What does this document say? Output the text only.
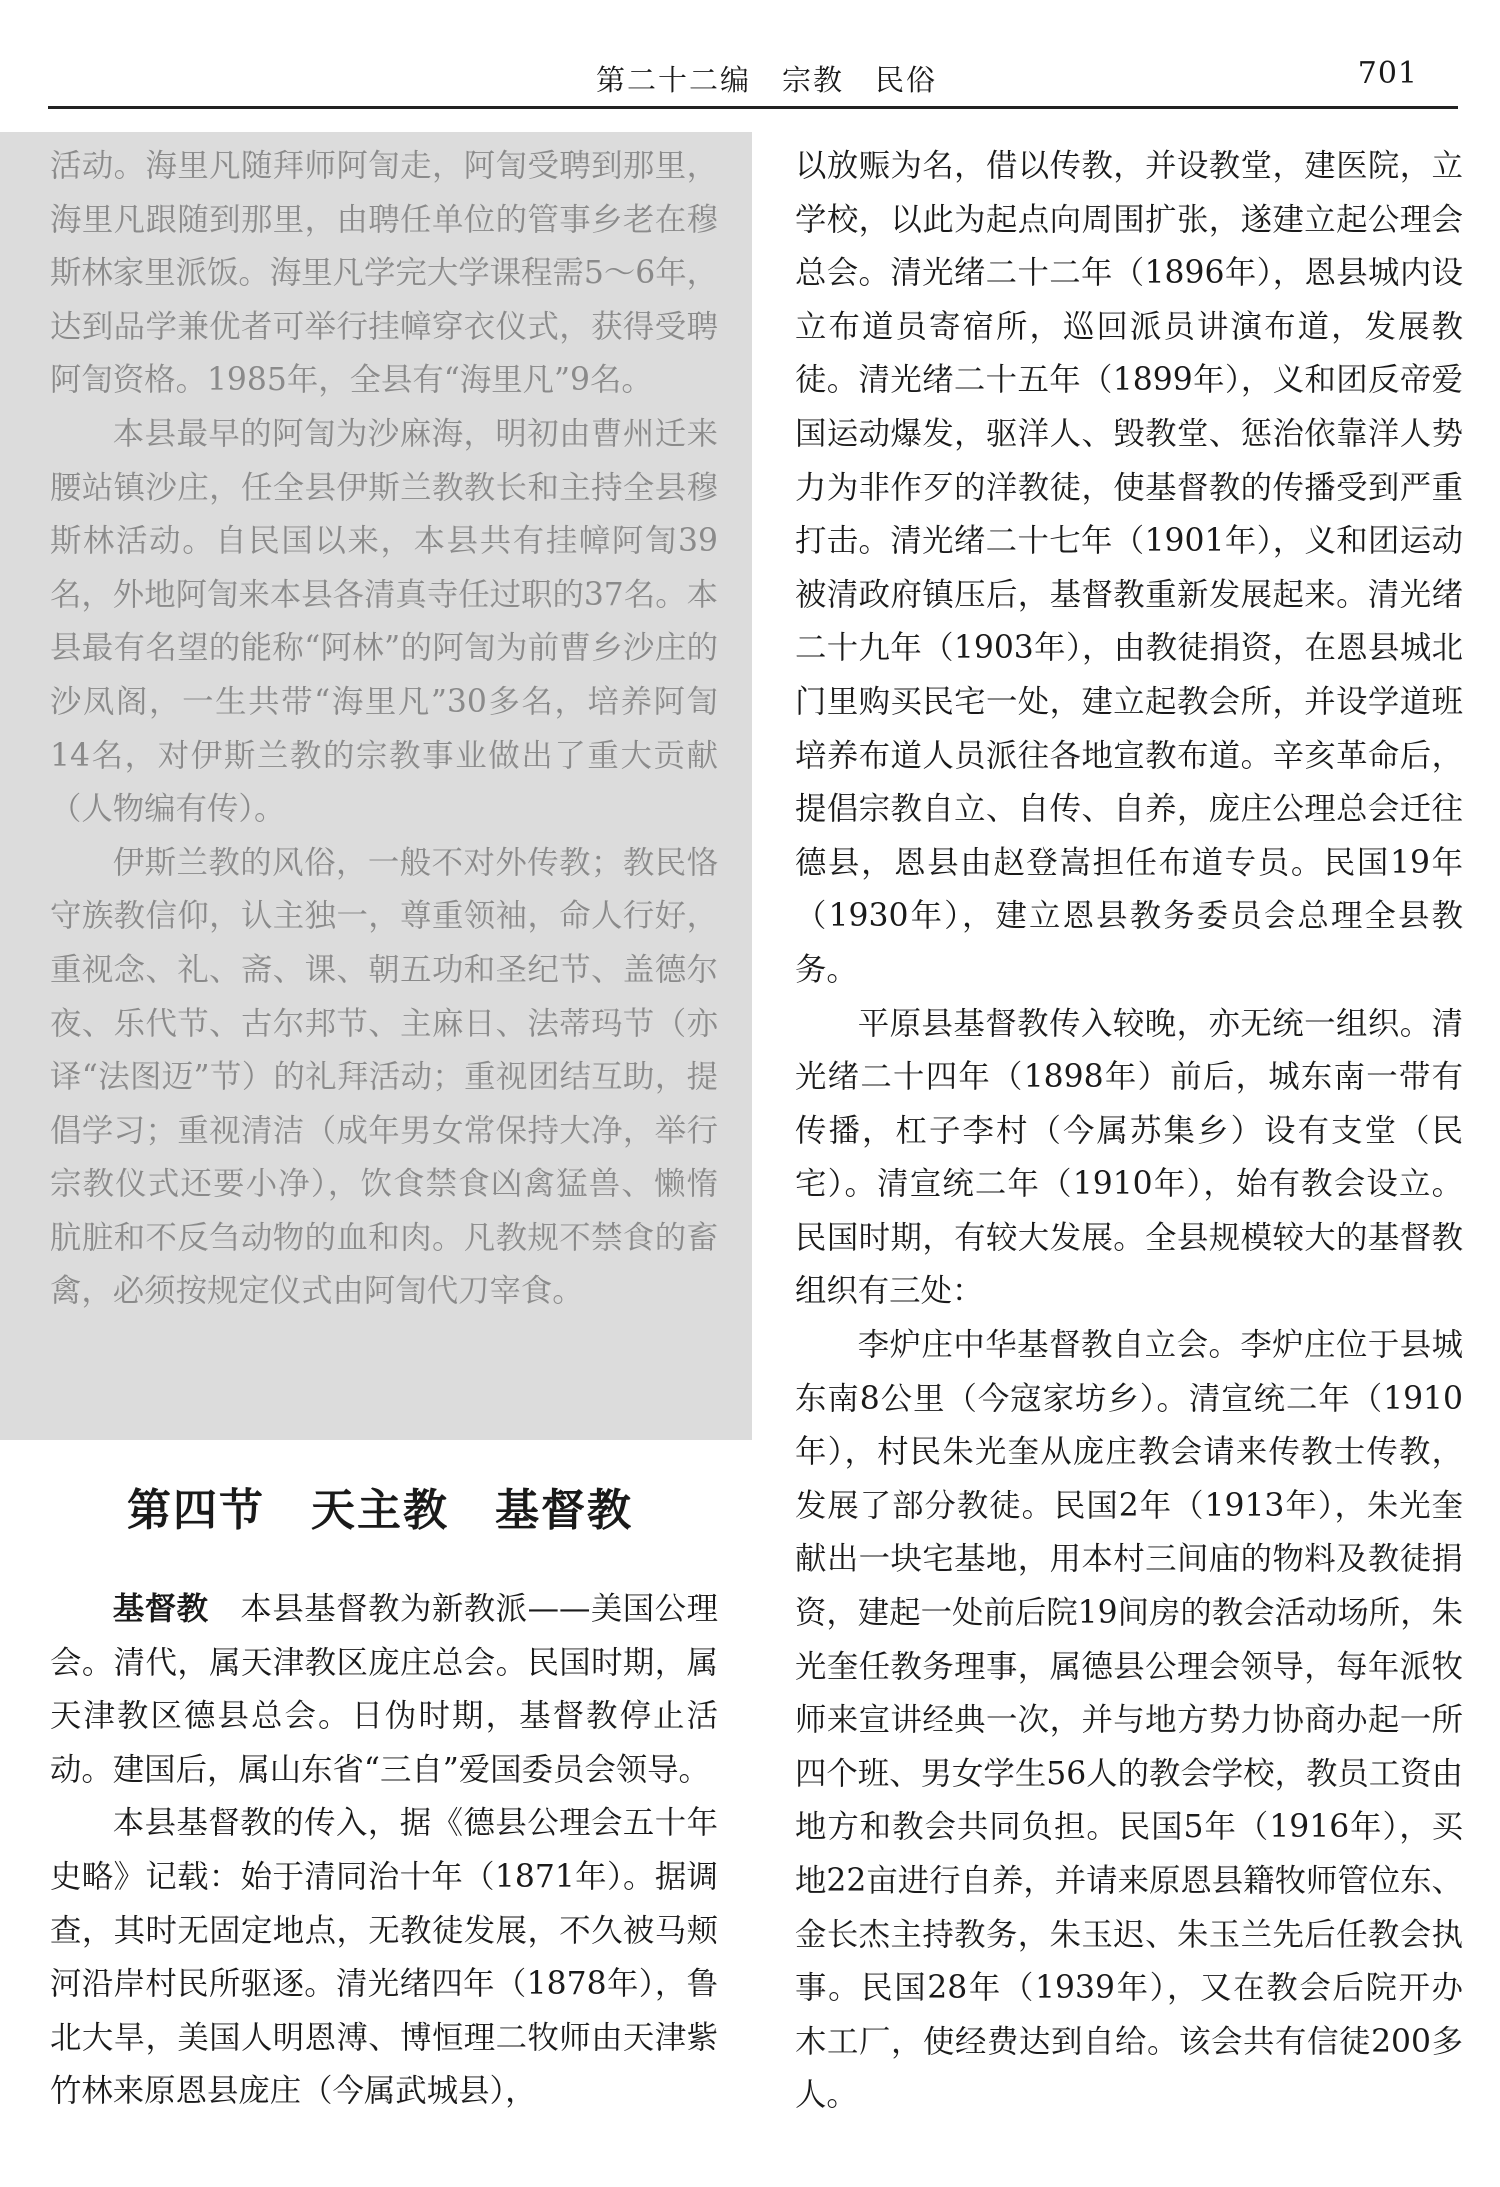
第二十二编　宗教　民俗	701

活动。海里凡随拜师阿訇走，阿訇受聘到那里，海里凡跟随到那里，由聘任单位的管事乡老在穆斯林家里派饭。海里凡学完大学课程需5～6年，达到品学兼优者可举行挂幛穿衣仪式，获得受聘阿訇资格。1985年，全县有“海里凡”9名。

本县最早的阿訇为沙麻海，明初由曹州迁来腰站镇沙庄，任全县伊斯兰教教长和主持全县穆斯林活动。自民国以来，本县共有挂幛阿訇39名，外地阿訇来本县各清真寺任过职的37名。本县最有名望的能称“阿林”的阿訇为前曹乡沙庄的沙凤阁，一生共带“海里凡”30多名，培养阿訇14名，对伊斯兰教的宗教事业做出了重大贡献（人物编有传）。

伊斯兰教的风俗，一般不对外传教；教民恪守族教信仰，认主独一，尊重领袖，命人行好，重视念、礼、斋、课、朝五功和圣纪节、盖德尔夜、乐代节、古尔邦节、主麻日、法蒂玛节（亦译“法图迈”节）的礼拜活动；重视团结互助，提倡学习；重视清洁（成年男女常保持大净，举行宗教仪式还要小净），饮食禁食凶禽猛兽、懒惰肮脏和不反刍动物的血和肉。凡教规不禁食的畜禽，必须按规定仪式由阿訇代刀宰食。

第四节　天主教　基督教

基督教　本县基督教为新教派——美国公理会。清代，属天津教区庞庄总会。民国时期，属天津教区德县总会。日伪时期，基督教停止活动。建国后，属山东省“三自”爱国委员会领导。

本县基督教的传入，据《德县公理会五十年史略》记载：始于清同治十年（1871年）。据调查，其时无固定地点，无教徒发展，不久被马颊河沿岸村民所驱逐。清光绪四年（1878年），鲁北大旱，美国人明恩溥、博恒理二牧师由天津紫竹林来原恩县庞庄（今属武城县），

以放赈为名，借以传教，并设教堂，建医院，立学校，以此为起点向周围扩张，遂建立起公理会总会。清光绪二十二年（1896年），恩县城内设立布道员寄宿所，巡回派员讲演布道，发展教徒。清光绪二十五年（1899年），义和团反帝爱国运动爆发，驱洋人、毁教堂、惩治依靠洋人势力为非作歹的洋教徒，使基督教的传播受到严重打击。清光绪二十七年（1901年），义和团运动被清政府镇压后，基督教重新发展起来。清光绪二十九年（1903年），由教徒捐资，在恩县城北门里购买民宅一处，建立起教会所，并设学道班培养布道人员派往各地宣教布道。辛亥革命后，提倡宗教自立、自传、自养，庞庄公理总会迁往德县，恩县由赵登嵩担任布道专员。民国19年（1930年），建立恩县教务委员会总理全县教务。

平原县基督教传入较晚，亦无统一组织。清光绪二十四年（1898年）前后，城东南一带有传播，杠子李村（今属苏集乡）设有支堂（民宅）。清宣统二年（1910年），始有教会设立。民国时期，有较大发展。全县规模较大的基督教组织有三处：

李炉庄中华基督教自立会。李炉庄位于县城东南8公里（今寇家坊乡）。清宣统二年（1910年），村民朱光奎从庞庄教会请来传教士传教，发展了部分教徒。民国2年（1913年），朱光奎献出一块宅基地，用本村三间庙的物料及教徒捐资，建起一处前后院19间房的教会活动场所，朱光奎任教务理事，属德县公理会领导，每年派牧师来宣讲经典一次，并与地方势力协商办起一所四个班、男女学生56人的教会学校，教员工资由地方和教会共同负担。民国5年（1916年），买地22亩进行自养，并请来原恩县籍牧师管位东、金长杰主持教务，朱玉迟、朱玉兰先后任教会执事。民国28年（1939年），又在教会后院开办木工厂，使经费达到自给。该会共有信徒200多人。
